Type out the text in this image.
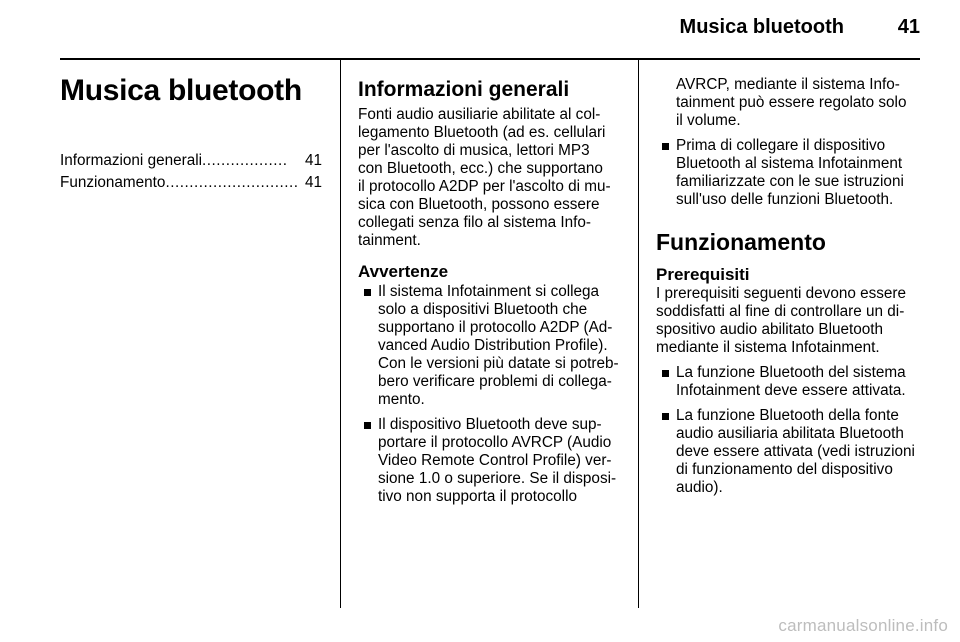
Musica bluetooth	41
Musica bluetooth
Informazioni generali ..................	41
Funzionamento ............................ 41
Informazioni generali

Fonti audio ausiliarie abilitate al col-

legamento Bluetooth (ad es. cellulari

per l'ascolto di musica, lettori MP3

con Bluetooth, ecc.) che supportano

il protocollo A2DP per l'ascolto di mu-

sica con Bluetooth, possono essere

collegati senza filo al sistema Info-

tainment.

Avvertenze

Il sistema Infotainment si collega

solo a dispositivi Bluetooth che

supportano il protocollo A2DP (Ad-

vanced Audio Distribution Profile).

Con le versioni più datate si potreb-

bero verificare problemi di collega-

mento.

Il dispositivo Bluetooth deve sup-

portare il protocollo AVRCP (Audio

Video Remote Control Profile) ver-

sione 1.0 o superiore. Se il disposi-

tivo non supporta il protocollo

AVRCP, mediante il sistema Info-

tainment può essere regolato solo

il volume.

Prima di collegare il dispositivo

Bluetooth al sistema Infotainment

familiarizzate con le sue istruzioni

sull'uso delle funzioni Bluetooth.

Funzionamento
Prerequisiti

I prerequisiti seguenti devono essere

soddisfatti al fine di controllare un di-

spositivo audio abilitato Bluetooth

mediante il sistema Infotainment.

La funzione Bluetooth del sistema

Infotainment deve essere attivata.

La funzione Bluetooth della fonte

audio ausiliaria abilitata Bluetooth

deve essere attivata (vedi istruzioni

di funzionamento del dispositivo

audio).

carmanualsonline.info
